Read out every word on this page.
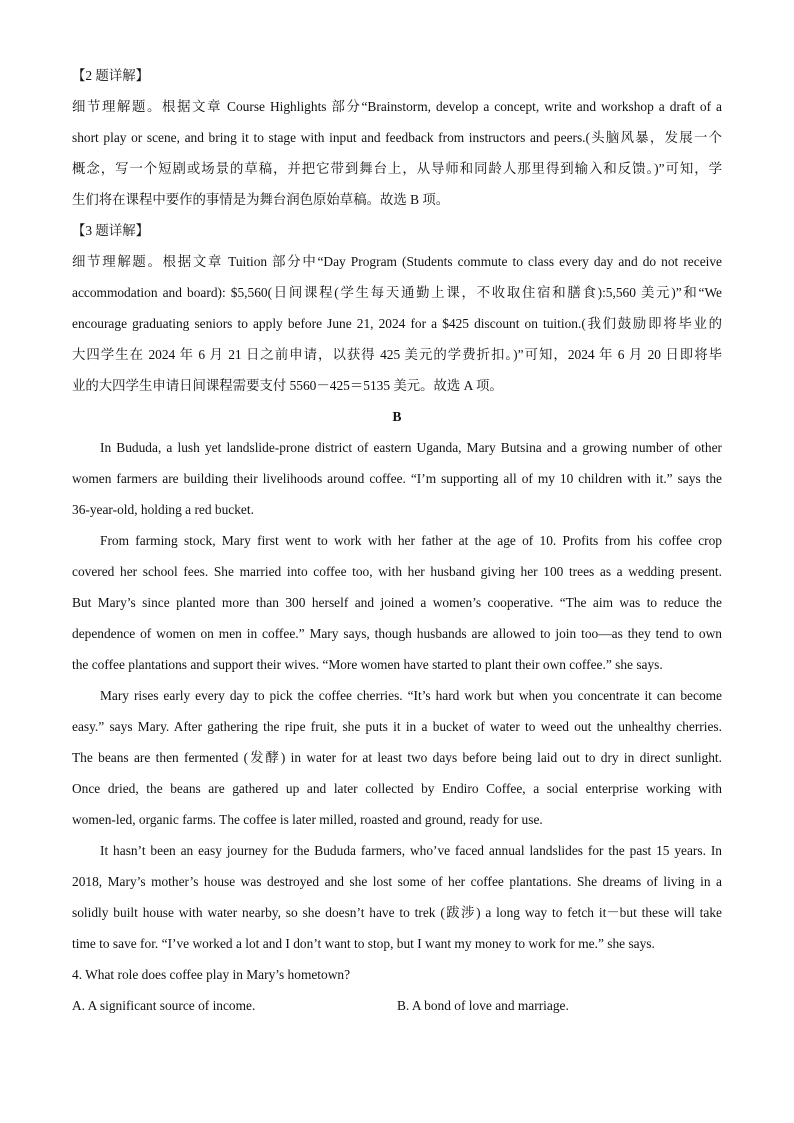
【2 题详解】
细节理解题。根据文章 Course Highlights 部分“Brainstorm, develop a concept, write and workshop a draft of a
short play or scene, and bring it to stage with input and feedback from instructors and peers.(头脑风暴，发展一个
概念，写一个短剧或场景的草稿，并把它带到舞台上，从导师和同龄人那里得到输入和反馈。)”可知，学
生们将在课程中要作的事情是为舞台润色原始草稿。故选 B 项。
【3 题详解】
细节理解题。根据文章 Tuition 部分中“Day Program (Students commute to class every day and do not receive
accommodation and board): $5,560(日间课程(学生每天通勤上课，不收取住宿和膳食):5,560 美元)”和“We
encourage graduating seniors to apply before June 21, 2024 for a $425 discount on tuition.(我们鼓励即将毕业的
大四学生在 2024 年 6 月 21 日之前申请，以获得 425 美元的学费折扣。)”可知，2024 年 6 月 20 日即将毕
业的大四学生申请日间课程需要支付 5560－425＝5135 美元。故选 A 项。
B
In Bududa, a lush yet landslide-prone district of eastern Uganda, Mary Butsina and a growing number of other
women farmers are building their livelihoods around coffee. “I’m supporting all of my 10 children with it.” says the
36-year-old, holding a red bucket.
From farming stock, Mary first went to work with her father at the age of 10. Profits from his coffee crop
covered her school fees. She married into coffee too, with her husband giving her 100 trees as a wedding present.
But Mary’s since planted more than 300 herself and joined a women’s cooperative. “The aim was to reduce the
dependence of women on men in coffee.” Mary says, though husbands are allowed to join too—as they tend to own
the coffee plantations and support their wives. “More women have started to plant their own coffee.” she says.
Mary rises early every day to pick the coffee cherries. “It’s hard work but when you concentrate it can become
easy.” says Mary. After gathering the ripe fruit, she puts it in a bucket of water to weed out the unhealthy cherries.
The beans are then fermented (发酵) in water for at least two days before being laid out to dry in direct sunlight.
Once dried, the beans are gathered up and later collected by Endiro Coffee, a social enterprise working with
women-led, organic farms. The coffee is later milled, roasted and ground, ready for use.
It hasn’t been an easy journey for the Bududa farmers, who’ve faced annual landslides for the past 15 years. In
2018, Mary’s mother’s house was destroyed and she lost some of her coffee plantations. She dreams of living in a
solidly built house with water nearby, so she doesn’t have to trek (跋涉) a long way to fetch it－but these will take
time to save for. “I’ve worked a lot and I don’t want to stop, but I want my money to work for me.” she says.
4. What role does coffee play in Mary’s hometown?
A. A significant source of income.	B. A bond of love and marriage.
